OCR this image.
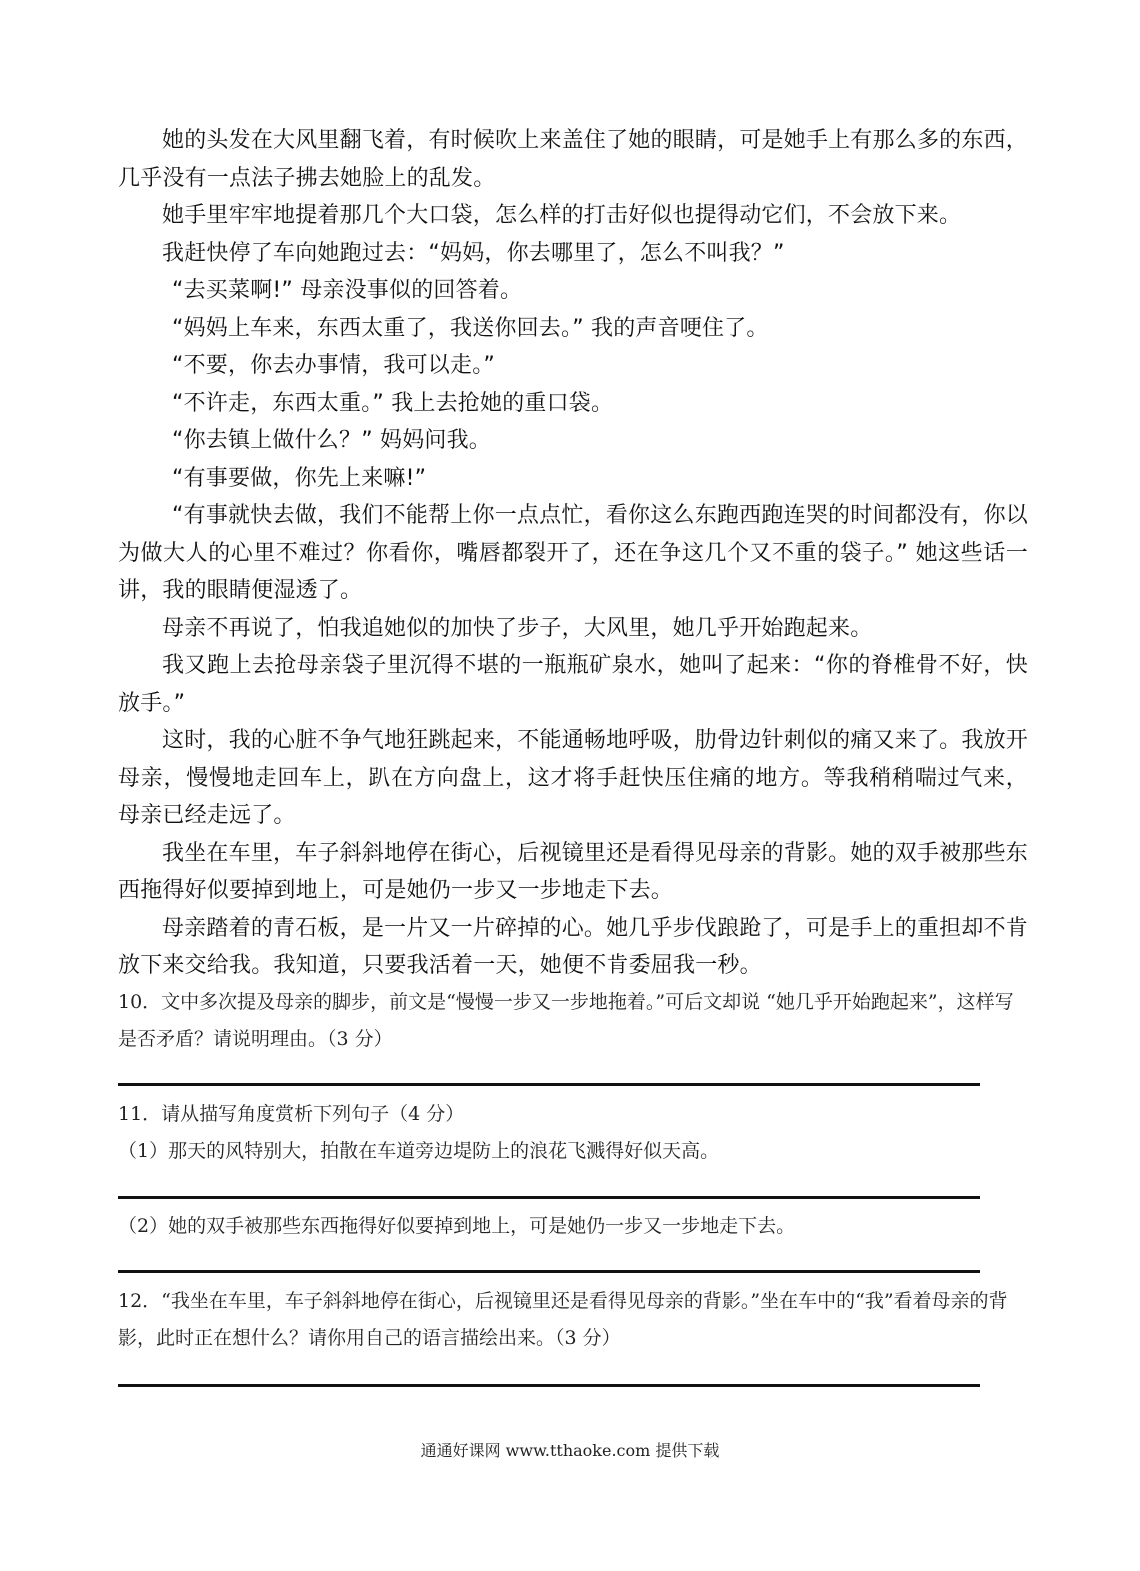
她的头发在大风里翻飞着，有时候吹上来盖住了她的眼睛，可是她手上有那么多的东西，几乎没有一点法子拂去她脸上的乱发。

她手里牢牢地提着那几个大口袋，怎么样的打击好似也提得动它们，不会放下来。

我赶快停了车向她跑过去：“妈妈，你去哪里了，怎么不叫我？”

“去买菜啊!” 母亲没事似的回答着。

“妈妈上车来，东西太重了，我送你回去。” 我的声音哽住了。

“不要，你去办事情，我可以走。”

“不许走，东西太重。” 我上去抢她的重口袋。

“你去镇上做什么？” 妈妈问我。

“有事要做，你先上来嘛!”

“有事就快去做，我们不能帮上你一点点忙，看你这么东跑西跑连哭的时间都没有，你以为做大人的心里不难过？你看你，嘴唇都裂开了，还在争这几个又不重的袋子。” 她这些话一讲，我的眼睛便湿透了。

母亲不再说了，怕我追她似的加快了步子，大风里，她几乎开始跑起来。

我又跑上去抢母亲袋子里沉得不堪的一瓶瓶矿泉水，她叫了起来：“你的脊椎骨不好，快放手。”

这时，我的心脏不争气地狂跳起来，不能通畅地呼吸，肋骨边针刺似的痛又来了。我放开母亲，慢慢地走回车上，趴在方向盘上，这才将手赶快压住痛的地方。等我稍稍喘过气来，母亲已经走远了。

我坐在车里，车子斜斜地停在街心，后视镜里还是看得见母亲的背影。她的双手被那些东西拖得好似要掉到地上，可是她仍一步又一步地走下去。

母亲踏着的青石板，是一片又一片碎掉的心。她几乎步伐踉跄了，可是手上的重担却不肯放下来交给我。我知道，只要我活着一天，她便不肯委屈我一秒。

10．文中多次提及母亲的脚步，前文是“慢慢一步又一步地拖着。”可后文却说 “她几乎开始跑起来”，这样写是否矛盾？请说明理由。（3 分）

11．请从描写角度赏析下列句子（4 分）

（1）那天的风特别大，拍散在车道旁边堤防上的浪花飞溅得好似天高。

（2）她的双手被那些东西拖得好似要掉到地上，可是她仍一步又一步地走下去。

12．“我坐在车里，车子斜斜地停在街心，后视镜里还是看得见母亲的背影。”坐在车中的“我”看着母亲的背影，此时正在想什么？请你用自己的语言描绘出来。（3 分）

通通好课网 www.tthaoke.com 提供下载
